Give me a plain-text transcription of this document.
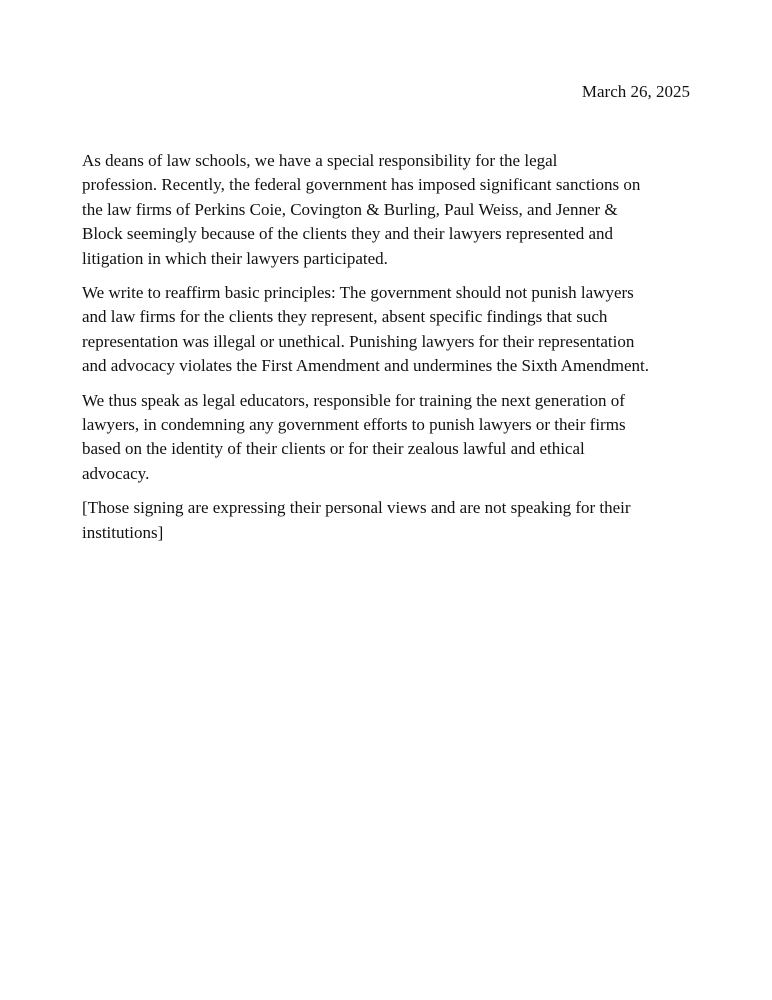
March 26, 2025

As deans of law schools, we have a special responsibility for the legal
profession. Recently, the federal government has imposed significant sanctions on
the law firms of Perkins Coie, Covington & Burling, Paul Weiss, and Jenner &
Block seemingly because of the clients they and their lawyers represented and
litigation in which their lawyers participated.

We write to reaffirm basic principles: The government should not punish lawyers
and law firms for the clients they represent, absent specific findings that such
representation was illegal or unethical. Punishing lawyers for their representation
and advocacy violates the First Amendment and undermines the Sixth Amendment.

We thus speak as legal educators, responsible for training the next generation of
lawyers, in condemning any government efforts to punish lawyers or their firms
based on the identity of their clients or for their zealous lawful and ethical
advocacy.

[Those signing are expressing their personal views and are not speaking for their
institutions]
